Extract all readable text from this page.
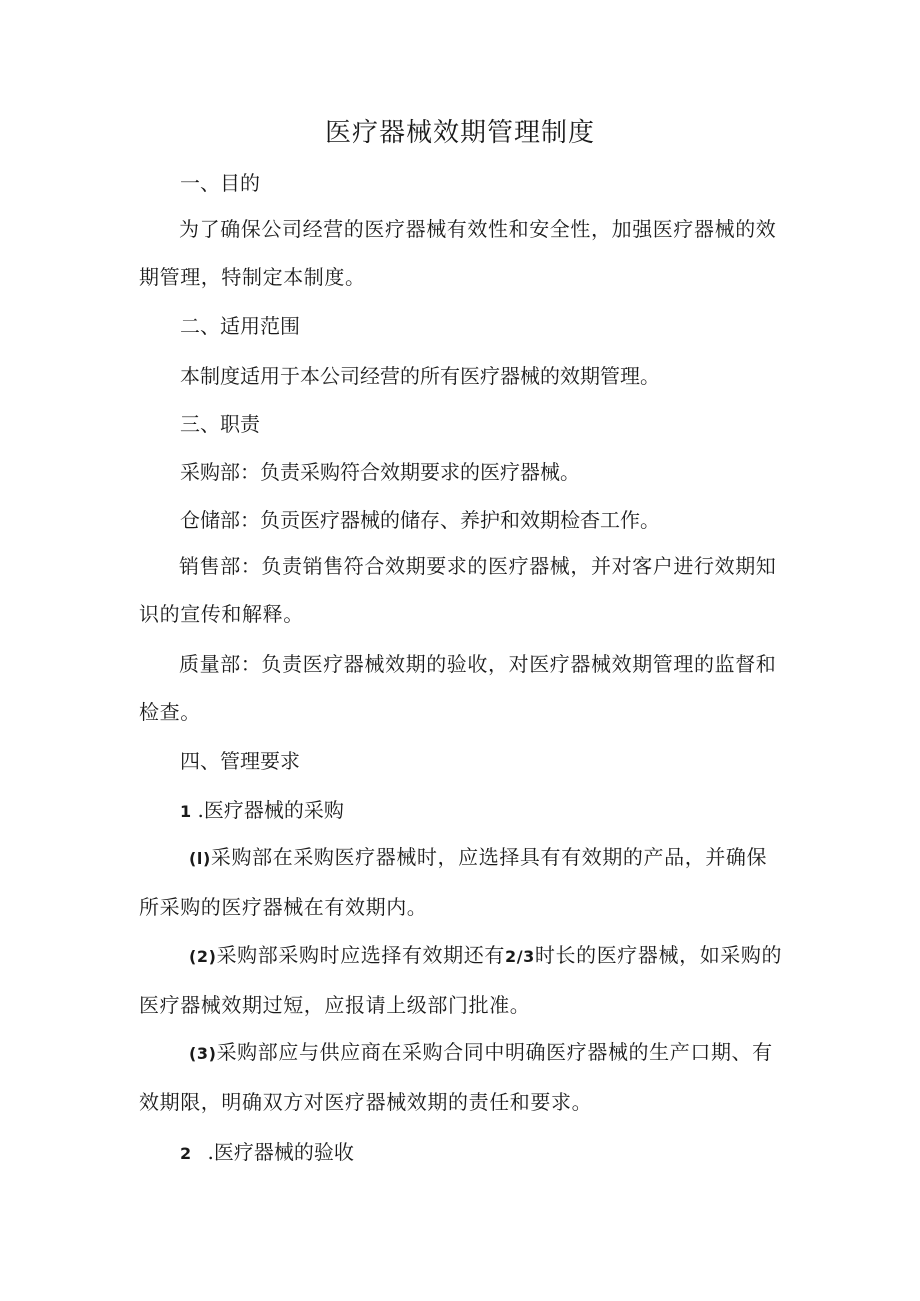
医疗器械效期管理制度

一、目的

为了确保公司经营的医疗器械有效性和安全性，加强医疗器械的效期管理，特制定本制度。

二、适用范围

本制度适用于本公司经营的所有医疗器械的效期管理。

三、职责

采购部：负责采购符合效期要求的医疗器械。

仓储部：负贡医疗器械的储存、养护和效期检杳工作。

销售部：负责销售符合效期要求的医疗器械，并对客户进行效期知识的宣传和解释。

质量部：负责医疗器械效期的验收，对医疗器械效期管理的监督和检查。

四、管理要求

1 .医疗器械的采购

(l)采购部在采购医疗器械时，应选择具有有效期的产品，并确保所采购的医疗器械在有效期内。

(2)采购部采购时应选择有效期还有2/3时长的医疗器械，如采购的医疗器械效期过短，应报请上级部门批准。

(3)采购部应与供应商在采购合同中明确医疗器械的生产口期、有效期限，明确双方对医疗器械效期的责任和要求。

2 .医疗器械的验收
